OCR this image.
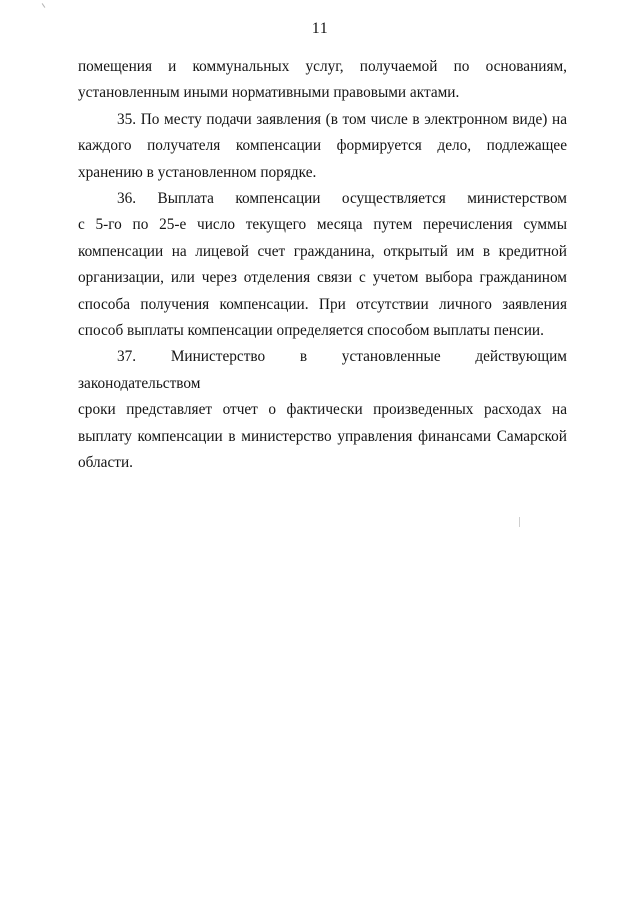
11
помещения и коммунальных услуг, получаемой по основаниям,
установленным иными нормативными правовыми актами.
35. По месту подачи заявления (в том числе в электронном виде) на
каждого получателя компенсации формируется дело, подлежащее
хранению в установленном порядке.
36. Выплата компенсации осуществляется министерством
с 5-го по 25-е число текущего месяца путем перечисления суммы
компенсации на лицевой счет гражданина, открытый им в кредитной
организации, или через отделения связи с учетом выбора гражданином
способа получения компенсации. При отсутствии личного заявления
способ выплаты компенсации определяется способом выплаты пенсии.
37. Министерство в установленные действующим законодательством
сроки представляет отчет о фактически произведенных расходах на
выплату компенсации в министерство управления финансами Самарской
области.
